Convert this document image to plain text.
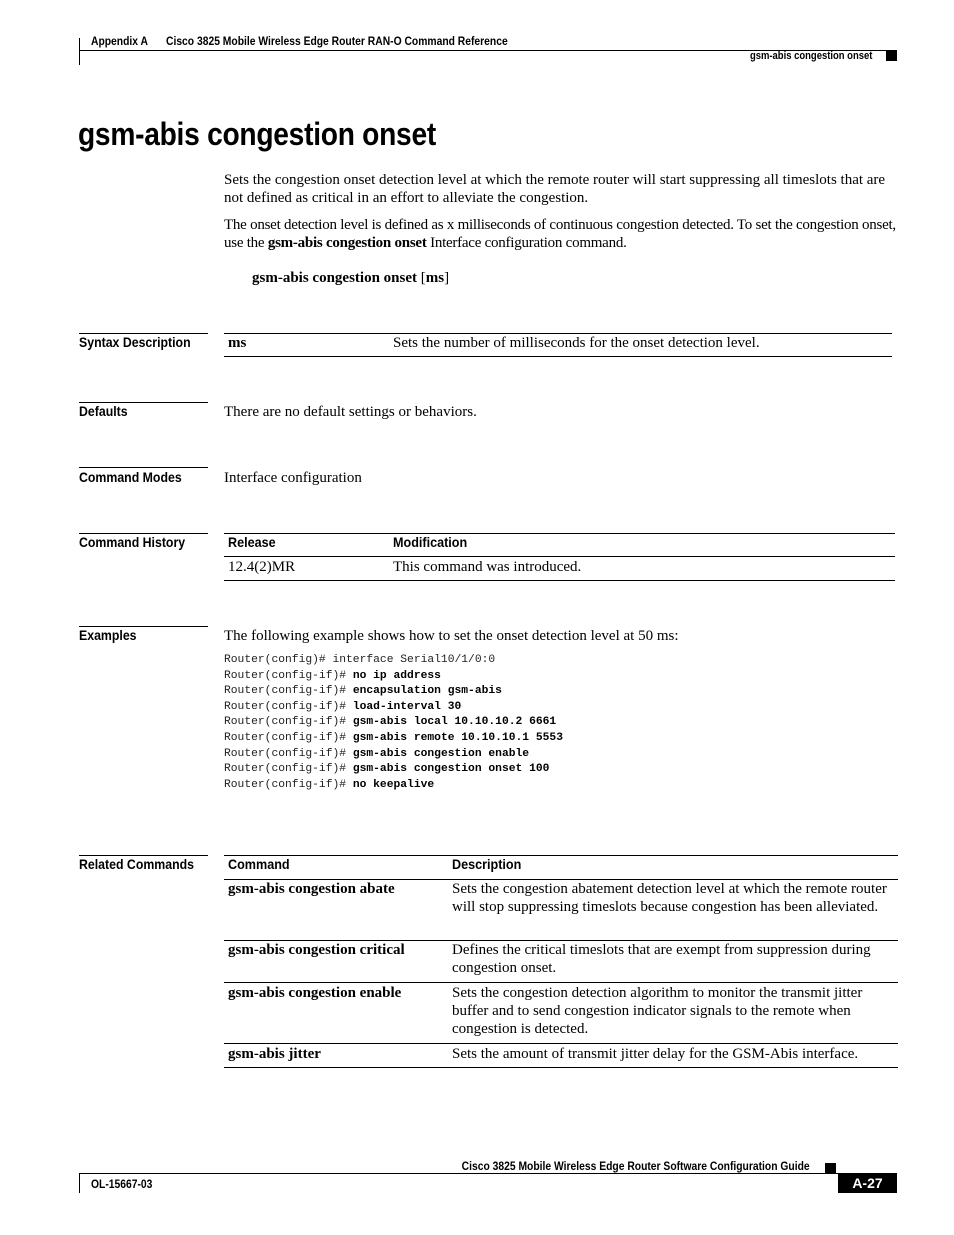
Appendix A Cisco 3825 Mobile Wireless Edge Router RAN-O Command Reference
gsm-abis congestion onset
gsm-abis congestion onset
Sets the congestion onset detection level at which the remote router will start suppressing all timeslots that are not defined as critical in an effort to alleviate the congestion.
The onset detection level is defined as x milliseconds of continuous congestion detected. To set the congestion onset, use the gsm-abis congestion onset Interface configuration command.
gsm-abis congestion onset [ms]
Syntax Description ms	Sets the number of milliseconds for the onset detection level.
Defaults	There are no default settings or behaviors.
Command Modes	Interface configuration
Command History	Release	Modification
12.4(2)MR	This command was introduced.
Examples	The following example shows how to set the onset detection level at 50 ms:
Router(config)# interface Serial10/1/0:0
Router(config-if)# no ip address
Router(config-if)# encapsulation gsm-abis
Router(config-if)# load-interval 30
Router(config-if)# gsm-abis local 10.10.10.2 6661
Router(config-if)# gsm-abis remote 10.10.10.1 5553
Router(config-if)# gsm-abis congestion enable
Router(config-if)# gsm-abis congestion onset 100
Router(config-if)# no keepalive
Related Commands Command	Description
gsm-abis congestion abate	Sets the congestion abatement detection level at which the remote router will stop suppressing timeslots because congestion has been alleviated.
gsm-abis congestion critical	Defines the critical timeslots that are exempt from suppression during congestion onset.
gsm-abis congestion enable	Sets the congestion detection algorithm to monitor the transmit jitter buffer and to send congestion indicator signals to the remote when congestion is detected.
gsm-abis jitter	Sets the amount of transmit jitter delay for the GSM-Abis interface.
Cisco 3825 Mobile Wireless Edge Router Software Configuration Guide
OL-15667-03	A-27
